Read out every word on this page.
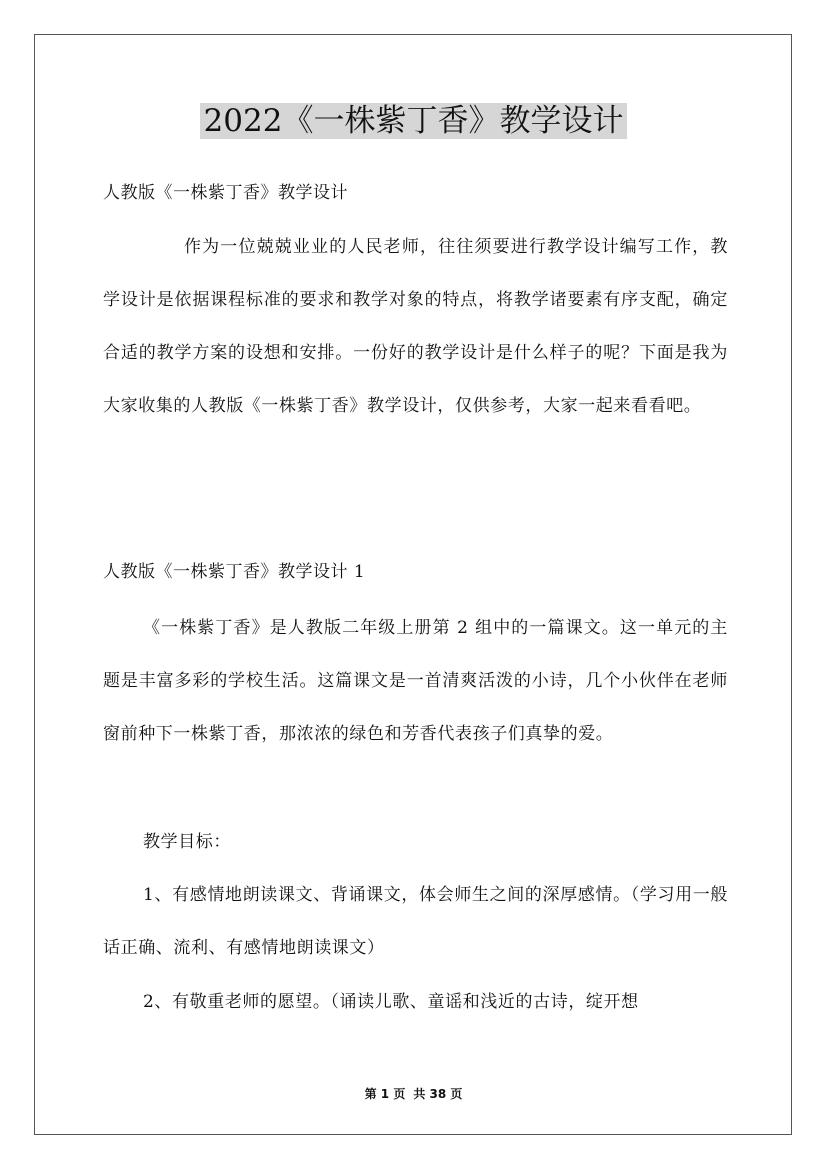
2022《一株紫丁香》教学设计
人教版《一株紫丁香》教学设计
作为一位兢兢业业的人民老师，往往须要进行教学设计编写工作，教学设计是依据课程标准的要求和教学对象的特点，将教学诸要素有序支配，确定合适的教学方案的设想和安排。一份好的教学设计是什么样子的呢？下面是我为大家收集的人教版《一株紫丁香》教学设计，仅供参考，大家一起来看看吧。
人教版《一株紫丁香》教学设计 1
《一株紫丁香》是人教版二年级上册第 2 组中的一篇课文。这一单元的主题是丰富多彩的学校生活。这篇课文是一首清爽活泼的小诗，几个小伙伴在老师窗前种下一株紫丁香，那浓浓的绿色和芳香代表孩子们真挚的爱。
教学目标：
1、有感情地朗读课文、背诵课文，体会师生之间的深厚感情。（学习用一般话正确、流利、有感情地朗读课文）
2、有敬重老师的愿望。（诵读儿歌、童谣和浅近的古诗，绽开想
第 1 页 共 38 页
